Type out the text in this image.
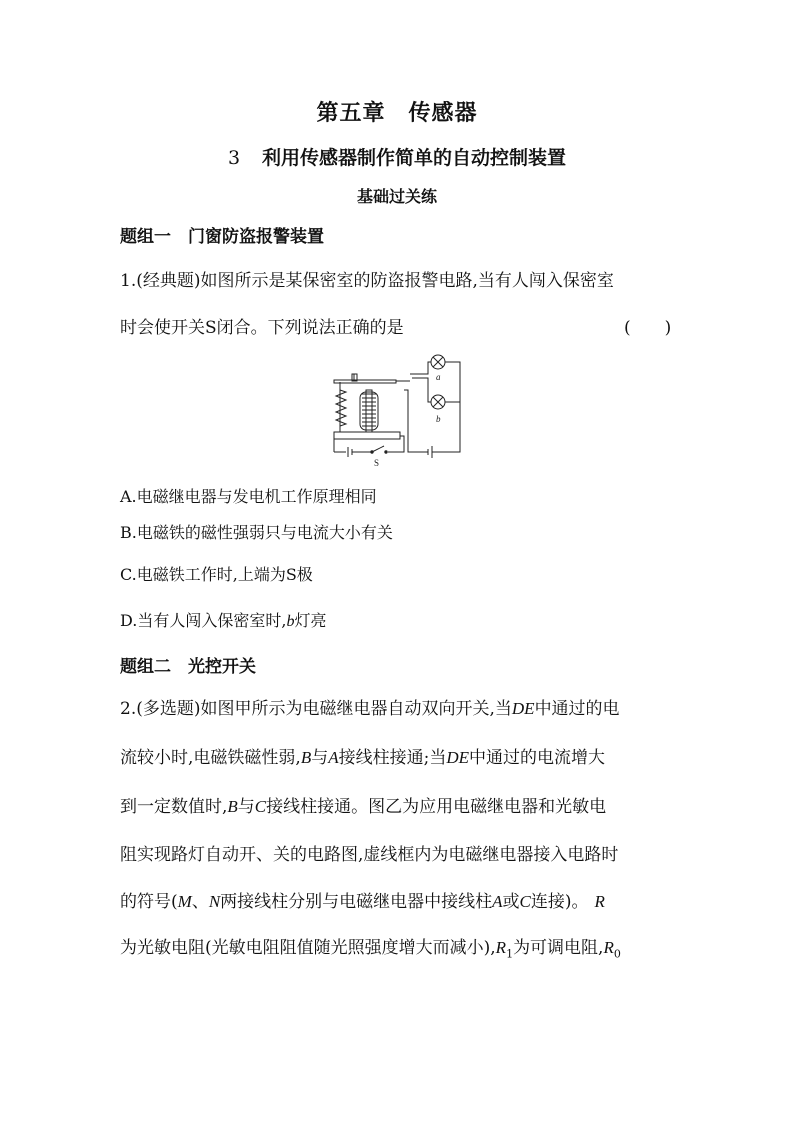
第五章　传感器
3 利用传感器制作简单的自动控制装置
基础过关练
题组一　门窗防盗报警装置
1.(经典题)如图所示是某保密室的防盗报警电路,当有人闯入保密室
时会使开关S闭合。下列说法正确的是	(　　)
a
b
S
A.电磁继电器与发电机工作原理相同
B.电磁铁的磁性强弱只与电流大小有关
C.电磁铁工作时,上端为S极
D.当有人闯入保密室时,b灯亮
题组二　光控开关
2.(多选题)如图甲所示为电磁继电器自动双向开关,当DE中通过的电
流较小时,电磁铁磁性弱,B与A接线柱接通;当DE中通过的电流增大
到一定数值时,B与C接线柱接通。图乙为应用电磁继电器和光敏电
阻实现路灯自动开、关的电路图,虚线框内为电磁继电器接入电路时
的符号(M、N两接线柱分别与电磁继电器中接线柱A或C连接)。 R
为光敏电阻(光敏电阻阻值随光照强度增大而减小)$,R_1$为可调电阻$,R_0$
